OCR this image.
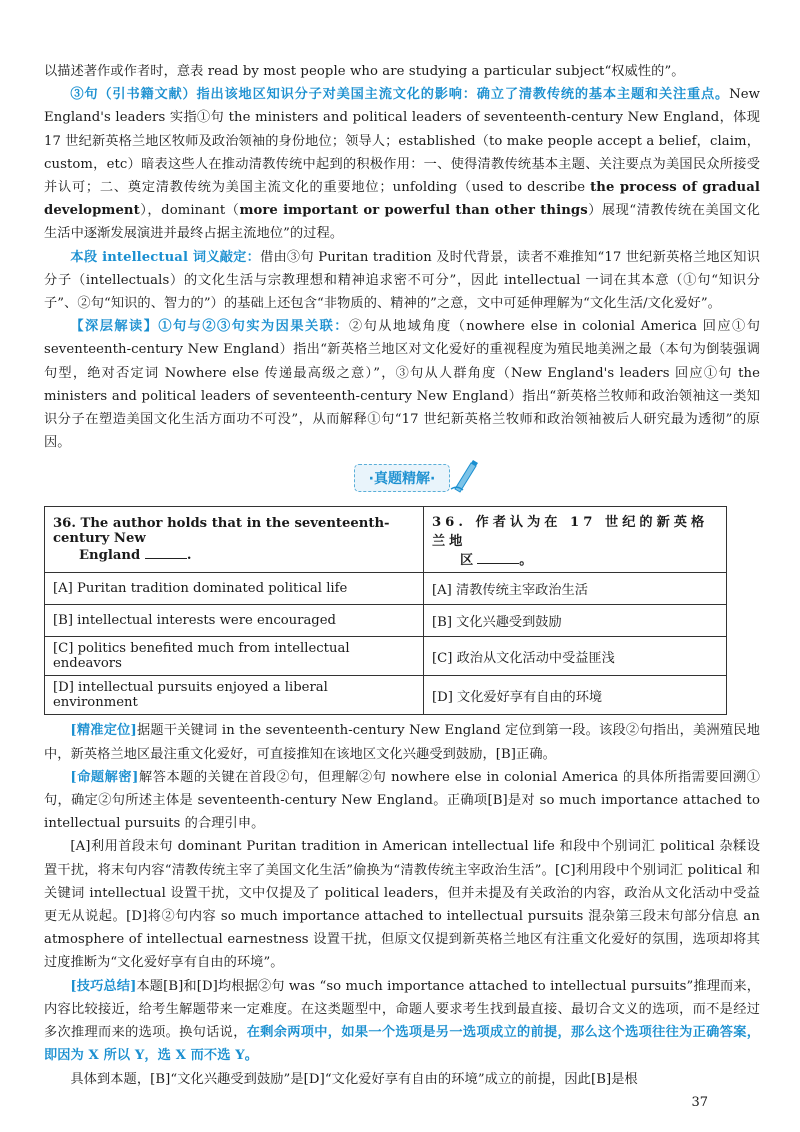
以描述著作或作者时，意表 read by most people who are studying a particular subject“权威性的”。

③句（引书籍文献）指出该地区知识分子对美国主流文化的影响：确立了清教传统的基本主题和关注重点。New England's leaders 实指①句 the ministers and political leaders of seventeenth-century New England，体现 17 世纪新英格兰地区牧师及政治领袖的身份地位；领导人；established（to make people accept a belief，claim，custom，etc）暗表这些人在推动清教传统中起到的积极作用：一、使得清教传统基本主题、关注要点为美国民众所接受并认可；二、奠定清教传统为美国主流文化的重要地位；unfolding（used to describe the process of gradual development），dominant（more important or powerful than other things）展现“清教传统在美国文化生活中逐渐发展演进并最终占据主流地位”的过程。

本段 intellectual 词义敲定：借由③句 Puritan tradition 及时代背景，读者不难推知“17 世纪新英格兰地区知识分子（intellectuals）的文化生活与宗教理想和精神追求密不可分”，因此 intellectual 一词在其本意（①句“知识分子”、②句“知识的、智力的”）的基础上还包含“非物质的、精神的”之意，文中可延伸理解为“文化生活/文化爱好”。

【深层解读】①句与②③句实为因果关联：②句从地域角度（nowhere else in colonial America 回应①句 seventeenth-century New England）指出“新英格兰地区对文化爱好的重视程度为殖民地美洲之最（本句为倒装强调句型，绝对否定词 Nowhere else 传递最高级之意）”，③句从人群角度（New England's leaders 回应①句 the ministers and political leaders of seventeenth-century New England）指出“新英格兰牧师和政治领袖这一类知识分子在塑造美国文化生活方面功不可没”，从而解释①句“17 世纪新英格兰牧师和政治领袖被后人研究最为透彻”的原因。

·真题精解·
36. The author holds that in the seventeenth-century New
England .	36. 作者认为在 17 世纪的新英格兰地
区 。
[A] Puritan tradition dominated political life	[A] 清教传统主宰政治生活
[B] intellectual interests were encouraged	[B] 文化兴趣受到鼓励
[C] politics benefited much from intellectual endeavors	[C] 政治从文化活动中受益匪浅
[D] intellectual pursuits enjoyed a liberal environment	[D] 文化爱好享有自由的环境

[精准定位]据题干关键词 in the seventeenth-century New England 定位到第一段。该段②句指出，美洲殖民地中，新英格兰地区最注重文化爱好，可直接推知在该地区文化兴趣受到鼓励，[B]正确。

[命题解密]解答本题的关键在首段②句，但理解②句 nowhere else in colonial America 的具体所指需要回溯①句，确定②句所述主体是 seventeenth-century New England。正确项[B]是对 so much importance attached to intellectual pursuits 的合理引申。

[A]利用首段末句 dominant Puritan tradition in American intellectual life 和段中个别词汇 political 杂糅设置干扰，将末句内容“清教传统主宰了美国文化生活”偷换为“清教传统主宰政治生活”。[C]利用段中个别词汇 political 和关键词 intellectual 设置干扰，文中仅提及了 political leaders，但并未提及有关政治的内容，政治从文化活动中受益更无从说起。[D]将②句内容 so much importance attached to intellectual pursuits 混杂第三段末句部分信息 an atmosphere of intellectual earnestness 设置干扰，但原文仅提到新英格兰地区有注重文化爱好的氛围，选项却将其过度推断为“文化爱好享有自由的环境”。

[技巧总结]本题[B]和[D]均根据②句 was “so much importance attached to intellectual pursuits”推理而来，内容比较接近，给考生解题带来一定难度。在这类题型中，命题人要求考生找到最直接、最切合文义的选项，而不是经过多次推理而来的选项。换句话说，在剩余两项中，如果一个选项是另一选项成立的前提，那么这个选项往往为正确答案，即因为 X 所以 Y，选 X 而不选 Y。

具体到本题，[B]“文化兴趣受到鼓励”是[D]“文化爱好享有自由的环境”成立的前提，因此[B]是根

37
